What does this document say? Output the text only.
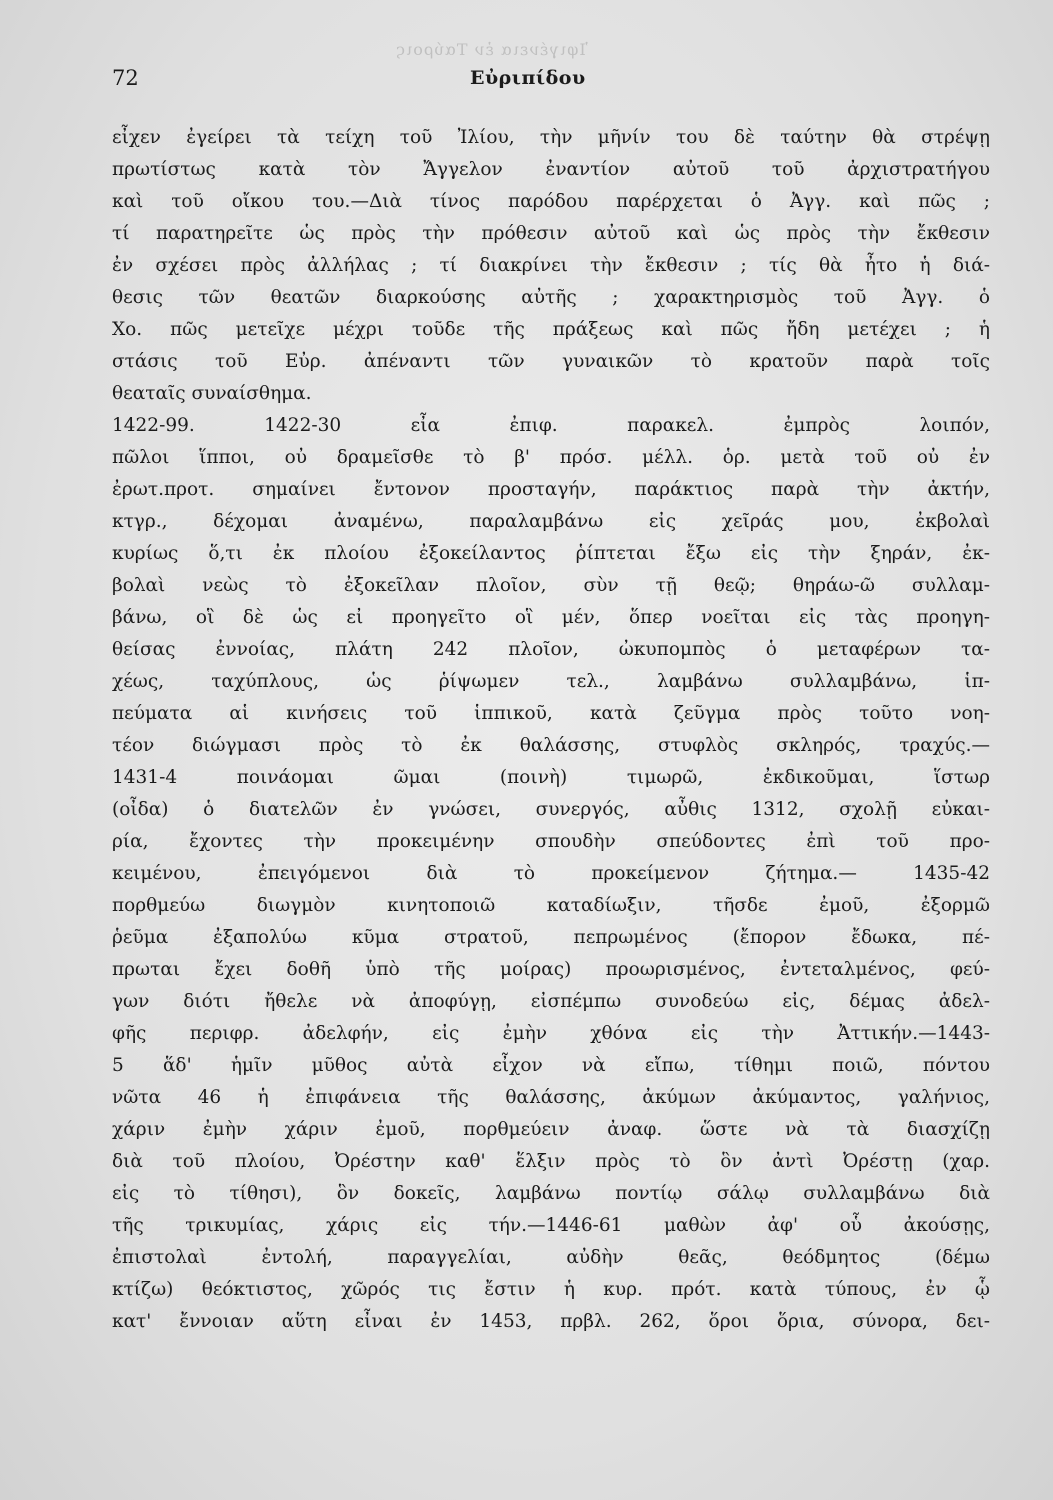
Ἰφιγένεια ἐν Ταύροις
72	Εὐριπίδου
εἶχεν ἐγείρει τὰ τείχη τοῦ Ἰλίου, τὴν μῆνίν του δὲ ταύτην θὰ στρέψῃ
πρωτίστως κατὰ τὸν Ἄγγελον ἐναντίον αὐτοῦ τοῦ ἀρχιστρατήγου
καὶ τοῦ οἴκου του.—Διὰ τίνος παρόδου παρέρχεται ὁ Ἀγγ. καὶ πῶς ;
τί παρατηρεῖτε ὡς πρὸς τὴν πρόθεσιν αὐτοῦ καὶ ὡς πρὸς τὴν ἔκθεσιν
ἐν σχέσει πρὸς ἀλλήλας ; τί διακρίνει τὴν ἔκθεσιν ; τίς θὰ ἦτο ἡ διά-
θεσις τῶν θεατῶν διαρκούσης αὐτῆς ; χαρακτηρισμὸς τοῦ Ἀγγ. ὁ
Χο. πῶς μετεῖχε μέχρι τοῦδε τῆς πράξεως καὶ πῶς ἤδη μετέχει ; ἡ
στάσις τοῦ Εὐρ. ἀπέναντι τῶν γυναικῶν τὸ κρατοῦν παρὰ τοῖς
θεαταῖς συναίσθημα.
1422-99. 1422-30 εἶα ἐπιφ. παρακελ. ἐμπρὸς λοιπόν,
πῶλοι ἵπποι, οὐ δραμεῖσθε τὸ β' πρόσ. μέλλ. ὁρ. μετὰ τοῦ οὐ ἐν
ἐρωτ.προτ. σημαίνει ἔντονον προσταγήν, παράκτιος παρὰ τὴν ἀκτήν,
κτγρ., δέχομαι ἀναμένω, παραλαμβάνω εἰς χεῖράς μου, ἐκβολαὶ
κυρίως ὅ,τι ἐκ πλοίου ἐξοκείλαντος ῥίπτεται ἔξω εἰς τὴν ξηράν, ἐκ-
βολαὶ νεὼς τὸ ἐξοκεῖλαν πλοῖον, σὺν τῇ θεῷ; θηράω-ῶ συλλαμ-
βάνω, οἳ δὲ ὡς εἰ προηγεῖτο οἳ μέν, ὅπερ νοεῖται εἰς τὰς προηγη-
θείσας ἐννοίας, πλάτη 242 πλοῖον, ὠκυπομπὸς ὁ μεταφέρων τα-
χέως, ταχύπλους, ὡς ῥίψωμεν τελ., λαμβάνω συλλαμβάνω, ἱπ-
πεύματα αἱ κινήσεις τοῦ ἱππικοῦ, κατὰ ζεῦγμα πρὸς τοῦτο νοη-
τέον διώγμασι πρὸς τὸ ἐκ θαλάσσης, στυφλὸς σκληρός, τραχύς.—
1431-4 ποινάομαι ῶμαι (ποινὴ) τιμωρῶ, ἐκδικοῦμαι, ἵστωρ
(οἶδα) ὁ διατελῶν ἐν γνώσει, συνεργός, αὖθις 1312, σχολῇ εὐκαι-
ρία, ἔχοντες τὴν προκειμένην σπουδὴν σπεύδοντες ἐπὶ τοῦ προ-
κειμένου, ἐπειγόμενοι διὰ τὸ προκείμενον ζήτημα.— 1435-42
πορθμεύω διωγμὸν κινητοποιῶ καταδίωξιν, τῆσδε ἐμοῦ, ἐξορμῶ
ῥεῦμα ἐξαπολύω κῦμα στρατοῦ, πεπρωμένος (ἔπορον ἔδωκα, πέ-
πρωται ἔχει δοθῆ ὑπὸ τῆς μοίρας) προωρισμένος, ἐντεταλμένος, φεύ-
γων διότι ἤθελε νὰ ἀποφύγῃ, εἰσπέμπω συνοδεύω εἰς, δέμας ἀδελ-
φῆς περιφρ. ἀδελφήν, εἰς ἐμὴν χθόνα εἰς τὴν Ἀττικήν.—1443-
5 ἅδ' ἡμῖν μῦθος αὐτὰ εἶχον νὰ εἴπω, τίθημι ποιῶ, πόντου
νῶτα 46 ἡ ἐπιφάνεια τῆς θαλάσσης, ἀκύμων ἀκύμαντος, γαλήνιος,
χάριν ἐμὴν χάριν ἐμοῦ, πορθμεύειν ἀναφ. ὥστε νὰ τὰ διασχίζῃ
διὰ τοῦ πλοίου, Ὀρέστην καθ' ἕλξιν πρὸς τὸ ὃν ἀντὶ Ὀρέστῃ (χαρ.
εἰς τὸ τίθησι), ὃν δοκεῖς, λαμβάνω ποντίῳ σάλῳ συλλαμβάνω διὰ
τῆς τρικυμίας, χάρις εἰς τήν.—1446-61 μαθὼν ἀφ' οὗ ἀκούσῃς,
ἐπιστολαὶ ἐντολή, παραγγελίαι, αὐδὴν θεᾶς, θεόδμητος (δέμω
κτίζω) θεόκτιστος, χῶρός τις ἔστιν ἡ κυρ. πρότ. κατὰ τύπους, ἐν ᾧ
κατ' ἔννοιαν αὕτη εἶναι ἐν 1453, πρβλ. 262, ὅροι ὅρια, σύνορα, δει-
